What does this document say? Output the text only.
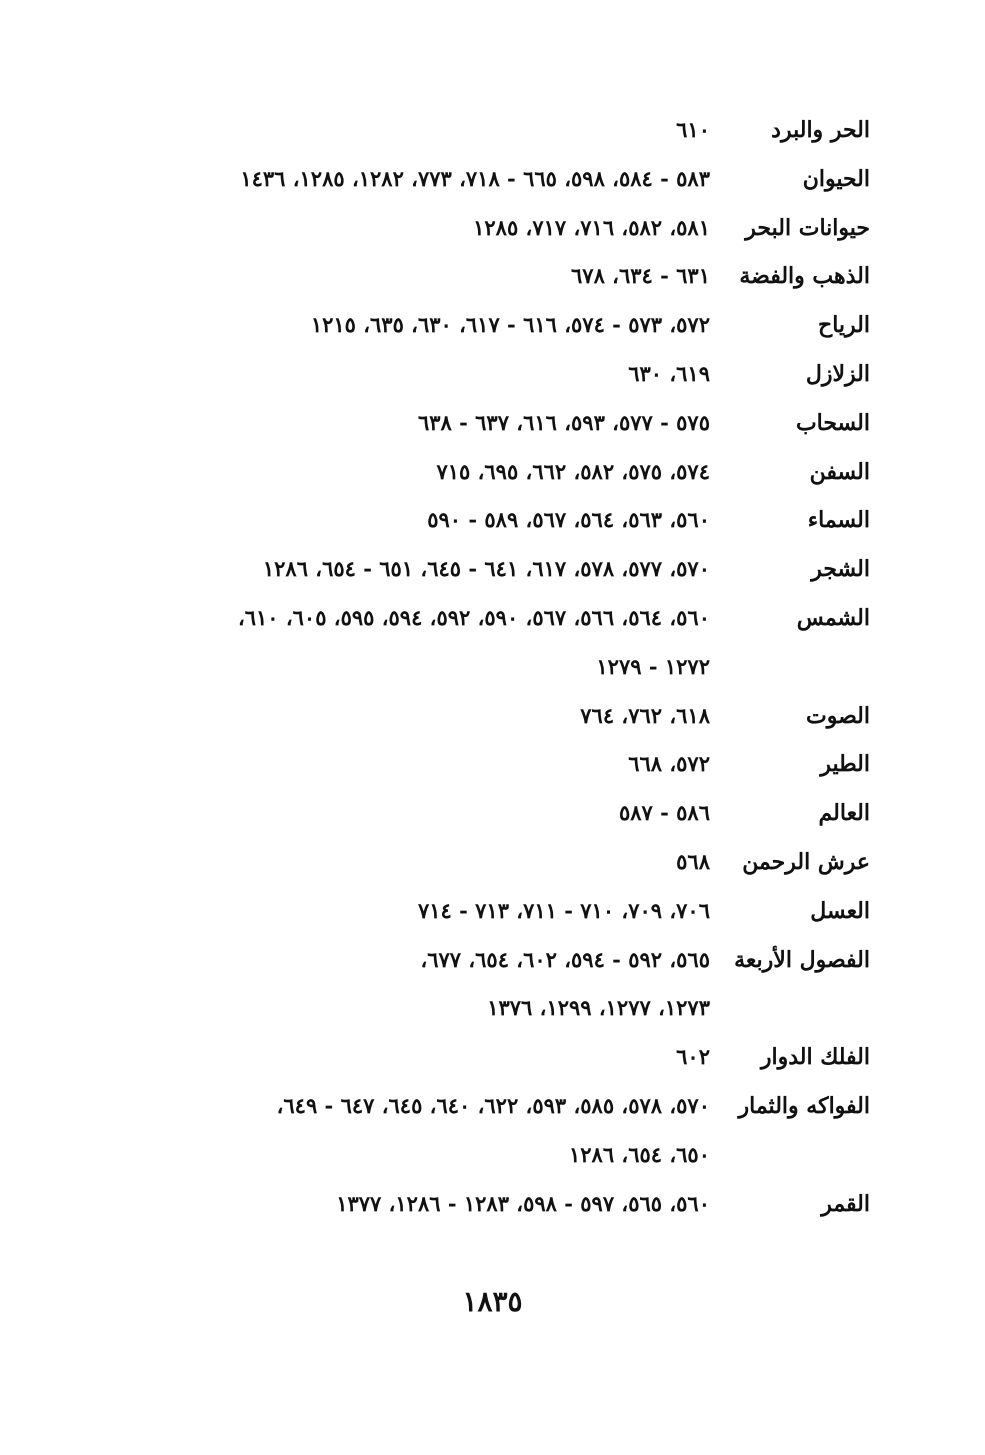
الحر والبرد
٦١٠
الحيوان
٥٨٣ - ٥٨٤، ٥٩٨، ٦٦٥ - ٧١٨، ٧٧٣، ١٢٨٢، ١٢٨٥، ١٤٣٦
حيوانات البحر
٥٨١، ٥٨٢، ٧١٦، ٧١٧، ١٢٨٥
الذهب والفضة
٦٣١ - ٦٣٤، ٦٧٨
الرياح
٥٧٢، ٥٧٣ - ٥٧٤، ٦١٦ - ٦١٧، ٦٣٠، ٦٣٥، ١٢١٥
الزلازل
٦١٩، ٦٣٠
السحاب
٥٧٥ - ٥٧٧، ٥٩٣، ٦١٦، ٦٣٧ - ٦٣٨
السفن
٥٧٤، ٥٧٥، ٥٨٢، ٦٦٢، ٦٩٥، ٧١٥
السماء
٥٦٠، ٥٦٣، ٥٦٤، ٥٦٧، ٥٨٩ - ٥٩٠
الشجر
٥٧٠، ٥٧٧، ٥٧٨، ٦١٧، ٦٤١ - ٦٤٥، ٦٥١ - ٦٥٤، ١٢٨٦
الشمس
٥٦٠، ٥٦٤، ٥٦٦، ٥٦٧، ٥٩٠، ٥٩٢، ٥٩٤، ٥٩٥، ٦٠٥، ٦١٠،
١٢٧٢ - ١٢٧٩
الصوت
٦١٨، ٧٦٢، ٧٦٤
الطير
٥٧٢، ٦٦٨
العالم
٥٨٦ - ٥٨٧
عرش الرحمن
٥٦٨
العسل
٧٠٦، ٧٠٩، ٧١٠ - ٧١١، ٧١٣ - ٧١٤
الفصول الأربعة
٥٦٥، ٥٩٢ - ٥٩٤، ٦٠٢، ٦٥٤، ٦٧٧،
١٢٧٣، ١٢٧٧، ١٢٩٩، ١٣٧٦
الفلك الدوار
٦٠٢
الفواكه والثمار
٥٧٠، ٥٧٨، ٥٨٥، ٥٩٣، ٦٢٢، ٦٤٠، ٦٤٥، ٦٤٧ - ٦٤٩،
٦٥٠، ٦٥٤، ١٢٨٦
القمر
٥٦٠، ٥٦٥، ٥٩٧ - ٥٩٨، ١٢٨٣ - ١٢٨٦، ١٣٧٧
١٨٣٥
